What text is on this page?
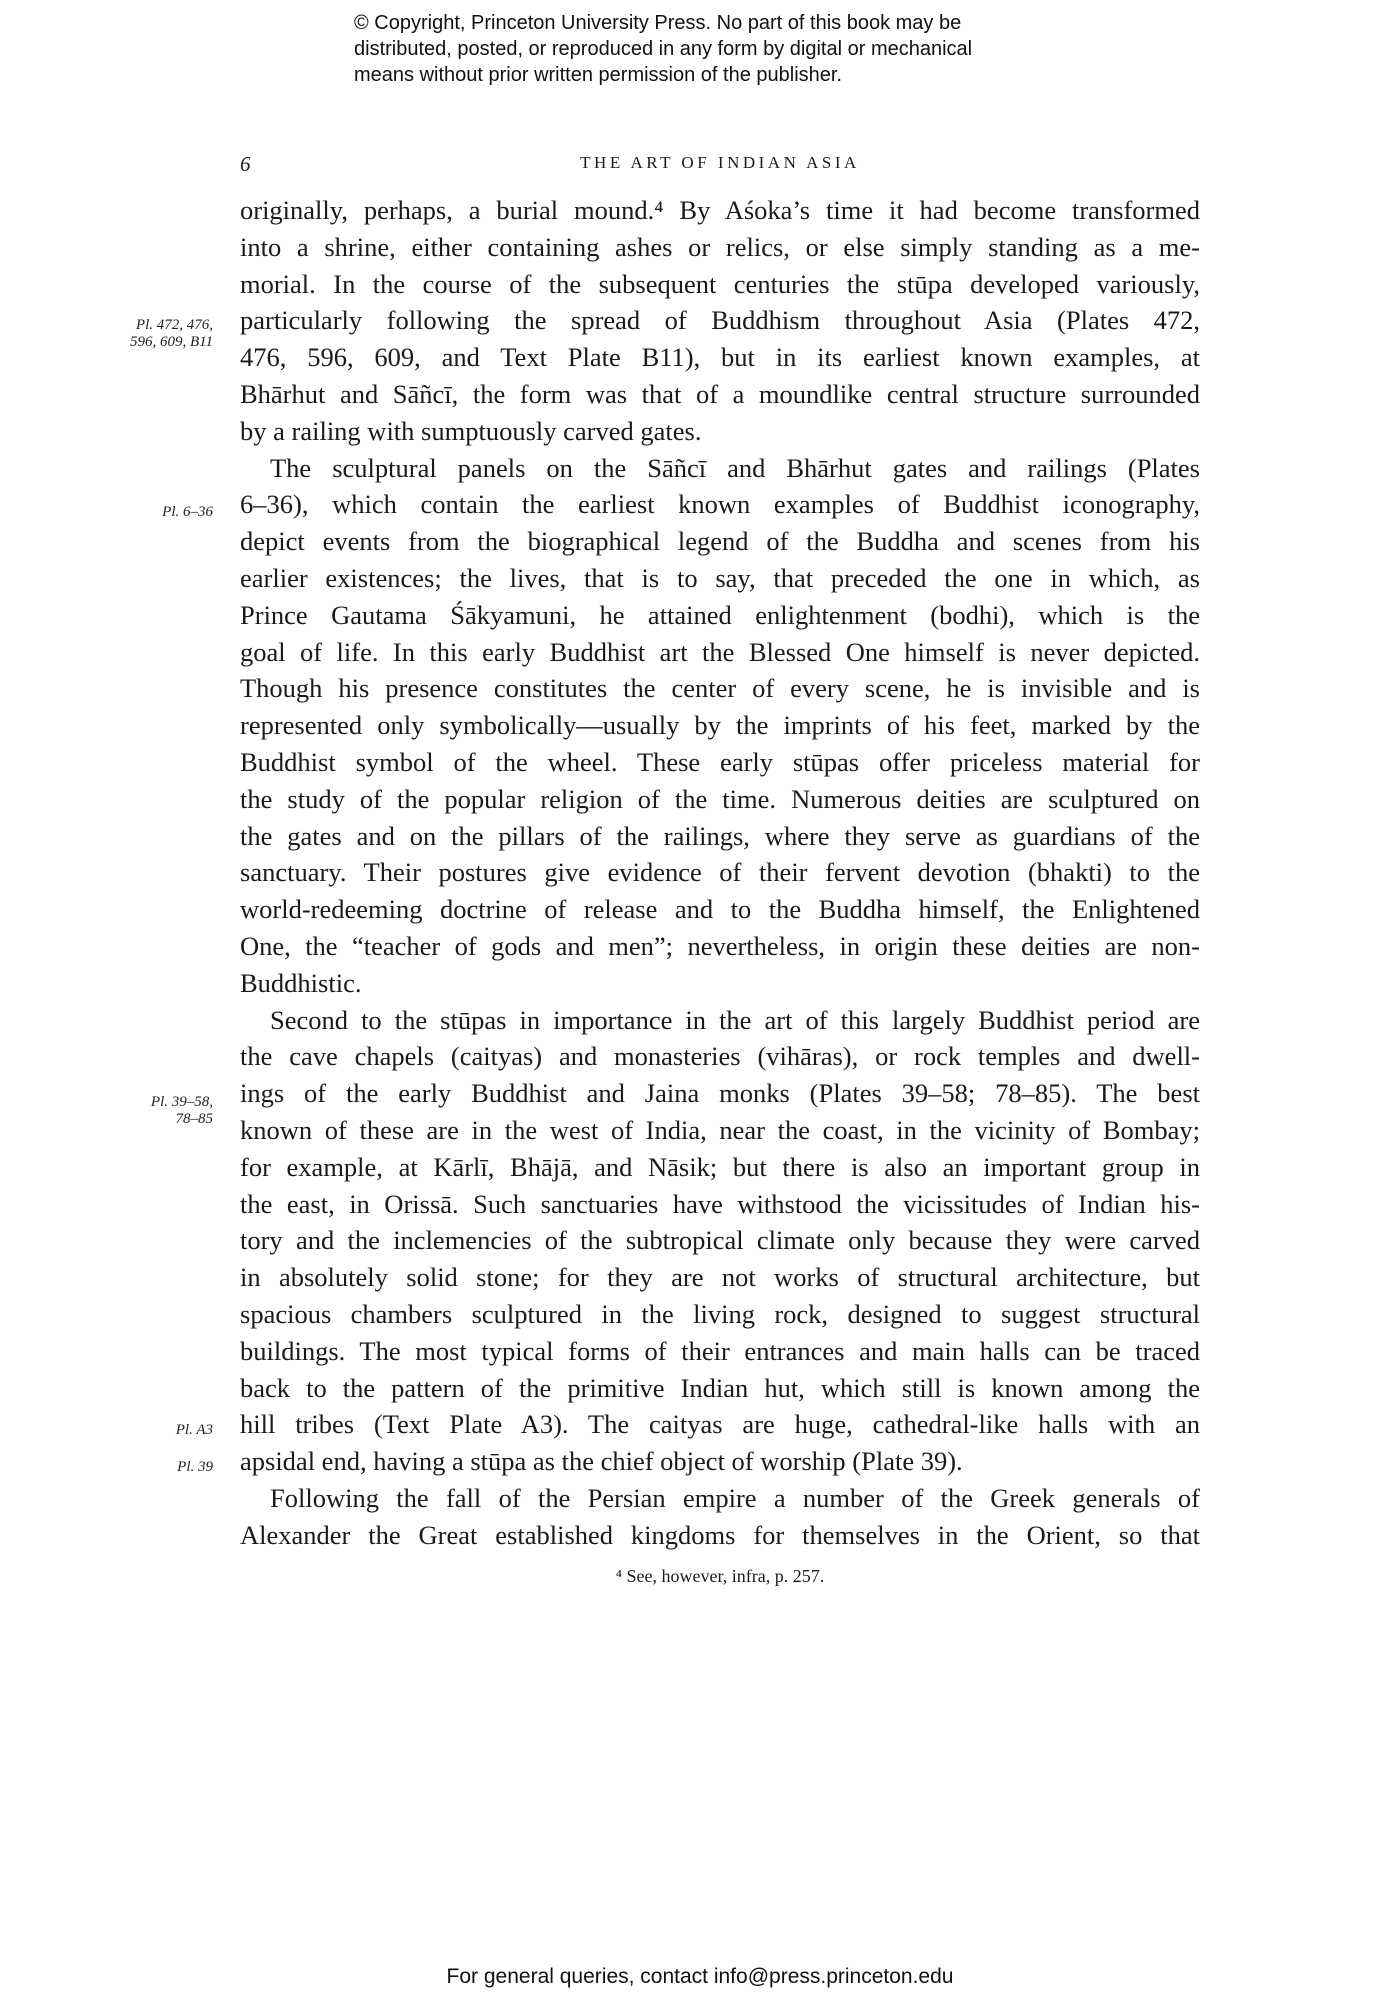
© Copyright, Princeton University Press. No part of this book may be
distributed, posted, or reproduced in any form by digital or mechanical
means without prior written permission of the publisher.
6	THE ART OF INDIAN ASIA
Pl. 472, 476,
596, 609, B11
Pl. 6–36
Pl. 39–58,
78–85
Pl. A3
Pl. 39
originally, perhaps, a burial mound.⁴ By Aśoka’s time it had become transformed
into a shrine, either containing ashes or relics, or else simply standing as a me-
morial. In the course of the subsequent centuries the stūpa developed variously,
particularly following the spread of Buddhism throughout Asia (Plates 472,
476, 596, 609, and Text Plate B11), but in its earliest known examples, at
Bhārhut and Sāñcī, the form was that of a moundlike central structure surrounded
by a railing with sumptuously carved gates.
The sculptural panels on the Sāñcī and Bhārhut gates and railings (Plates
6–36), which contain the earliest known examples of Buddhist iconography,
depict events from the biographical legend of the Buddha and scenes from his
earlier existences; the lives, that is to say, that preceded the one in which, as
Prince Gautama Śākyamuni, he attained enlightenment (bodhi), which is the
goal of life. In this early Buddhist art the Blessed One himself is never depicted.
Though his presence constitutes the center of every scene, he is invisible and is
represented only symbolically—usually by the imprints of his feet, marked by the
Buddhist symbol of the wheel. These early stūpas offer priceless material for
the study of the popular religion of the time. Numerous deities are sculptured on
the gates and on the pillars of the railings, where they serve as guardians of the
sanctuary. Their postures give evidence of their fervent devotion (bhakti) to the
world-redeeming doctrine of release and to the Buddha himself, the Enlightened
One, the “teacher of gods and men”; nevertheless, in origin these deities are non-
Buddhistic.
Second to the stūpas in importance in the art of this largely Buddhist period are
the cave chapels (caityas) and monasteries (vihāras), or rock temples and dwell-
ings of the early Buddhist and Jaina monks (Plates 39–58; 78–85). The best
known of these are in the west of India, near the coast, in the vicinity of Bombay;
for example, at Kārlī, Bhājā, and Nāsik; but there is also an important group in
the east, in Orissā. Such sanctuaries have withstood the vicissitudes of Indian his-
tory and the inclemencies of the subtropical climate only because they were carved
in absolutely solid stone; for they are not works of structural architecture, but
spacious chambers sculptured in the living rock, designed to suggest structural
buildings. The most typical forms of their entrances and main halls can be traced
back to the pattern of the primitive Indian hut, which still is known among the
hill tribes (Text Plate A3). The caityas are huge, cathedral-like halls with an
apsidal end, having a stūpa as the chief object of worship (Plate 39).
Following the fall of the Persian empire a number of the Greek generals of
Alexander the Great established kingdoms for themselves in the Orient, so that
⁴ See, however, infra, p. 257.
For general queries, contact info@press.princeton.edu
